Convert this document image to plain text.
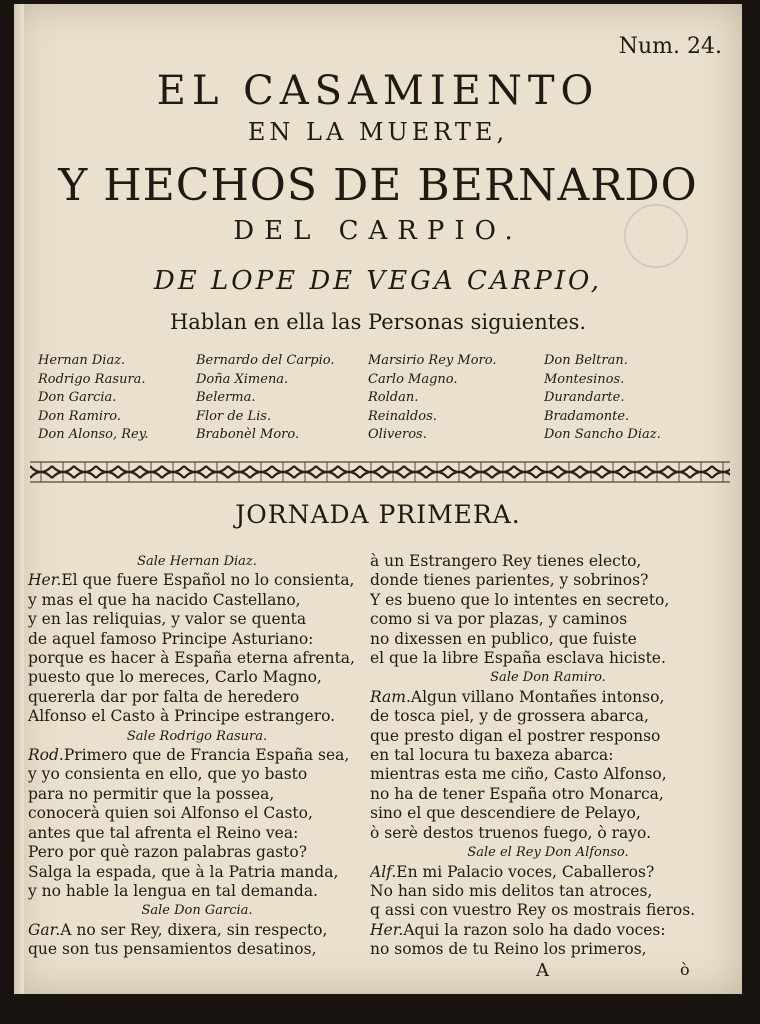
Num. 24.
EL CASAMIENTO
EN LA MUERTE,
Y HECHOS DE BERNARDO
DEL CARPIO.
DE LOPE DE VEGA CARPIO,
Hablan en ella las Personas siguientes.
Hernan Diaz.
Rodrigo Rasura.
Don Garcia.
Don Ramiro.
Don Alonso, Rey.
Bernardo del Carpio.
Doña Ximena.
Belerma.
Flor de Lis.
Brabonèl Moro.
Marsirio Rey Moro.
Carlo Magno.
Roldan.
Reinaldos.
Oliveros.
Don Beltran.
Montesinos.
Durandarte.
Bradamonte.
Don Sancho Diaz.
JORNADA PRIMERA.
Sale Hernan Diaz.
Her.El que fuere Español no lo consienta,
y mas el que ha nacido Castellano,
y en las reliquias, y valor se quenta
de aquel famoso Principe Asturiano:
porque es hacer à España eterna afrenta,
puesto que lo mereces, Carlo Magno,
quererla dar por falta de heredero
Alfonso el Casto à Principe estrangero.
Sale Rodrigo Rasura.
Rod.Primero que de Francia España sea,
y yo consienta en ello, que yo basto
para no permitir que la possea,
conocerà quien soi Alfonso el Casto,
antes que tal afrenta el Reino vea:
Pero por què razon palabras gasto?
Salga la espada, que à la Patria manda,
y no hable la lengua en tal demanda.
Sale Don Garcia.
Gar.A no ser Rey, dixera, sin respecto,
que son tus pensamientos desatinos,
à un Estrangero Rey tienes electo,
donde tienes parientes, y sobrinos?
Y es bueno que lo intentes en secreto,
como si va por plazas, y caminos
no dixessen en publico, que fuiste
el que la libre España esclava hiciste.
Sale Don Ramiro.
Ram.Algun villano Montañes intonso,
de tosca piel, y de grossera abarca,
que presto digan el postrer responso
en tal locura tu baxeza abarca:
mientras esta me ciño, Casto Alfonso,
no ha de tener España otro Monarca,
sino el que descendiere de Pelayo,
ò serè destos truenos fuego, ò rayo.
Sale el Rey Don Alfonso.
Alf.En mi Palacio voces, Caballeros?
No han sido mis delitos tan atroces,
q assi con vuestro Rey os mostrais fieros.
Her.Aqui la razon solo ha dado voces:
no somos de tu Reino los primeros,
A	ò
